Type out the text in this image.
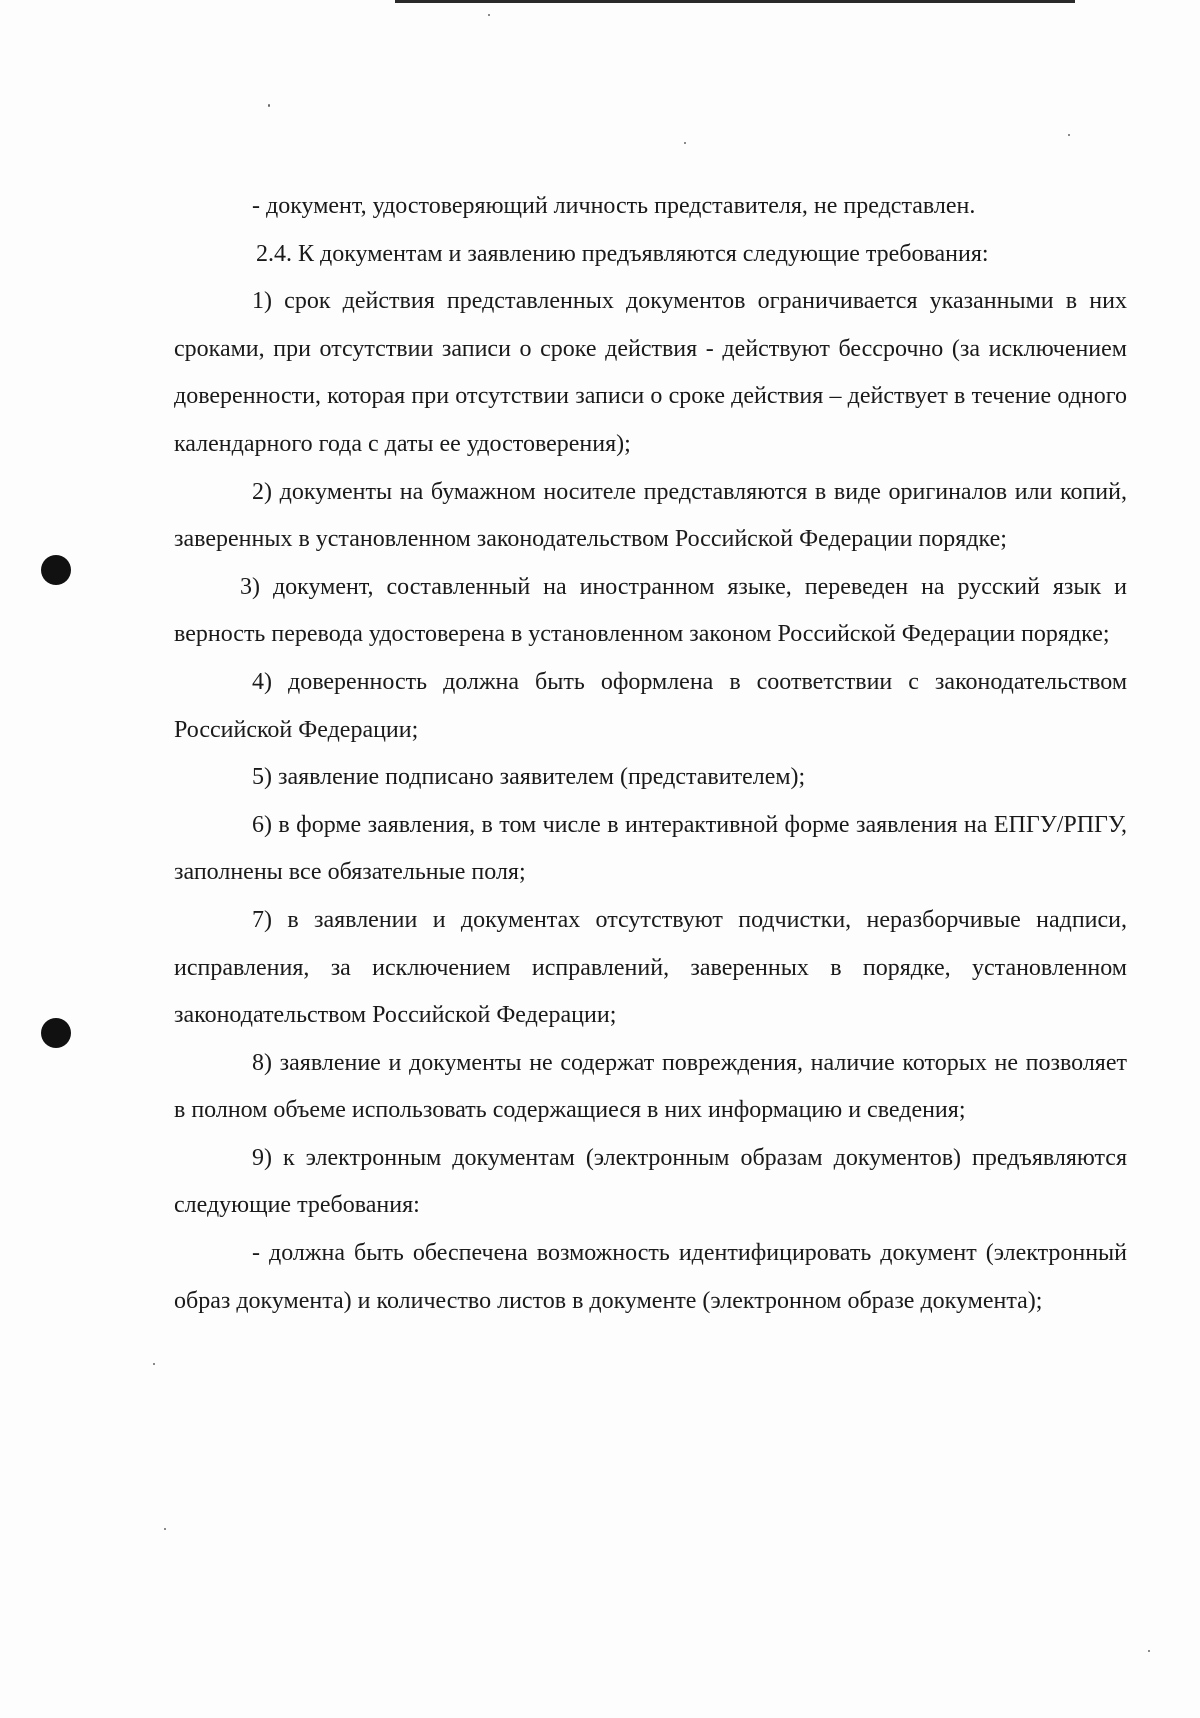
- документ, удостоверяющий личность представителя, не представлен.

2.4. К документам и заявлению предъявляются следующие требования:

1) срок действия представленных документов ограничивается указанными в них сроками, при отсутствии записи о сроке действия - действуют бессрочно (за исключением доверенности, которая при отсутствии записи о сроке действия – действует в течение одного календарного года с даты ее удостоверения);

2) документы на бумажном носителе представляются в виде оригиналов или копий, заверенных в установленном законодательством Российской Федерации порядке;

3) документ, составленный на иностранном языке, переведен на русский язык и верность перевода удостоверена в установленном законом Российской Федерации порядке;

4) доверенность должна быть оформлена в соответствии с законодательством Российской Федерации;

5) заявление подписано заявителем (представителем);

6) в форме заявления, в том числе в интерактивной форме заявления на ЕПГУ/РПГУ, заполнены все обязательные поля;

7) в заявлении и документах отсутствуют подчистки, неразборчивые надписи, исправления, за исключением исправлений, заверенных в порядке, установленном законодательством Российской Федерации;

8) заявление и документы не содержат повреждения, наличие которых не позволяет в полном объеме использовать содержащиеся в них информацию и сведения;

9) к электронным документам (электронным образам документов) предъявляются следующие требования:

- должна быть обеспечена возможность идентифицировать документ (электронный образ документа) и количество листов в документе (электронном образе документа);
